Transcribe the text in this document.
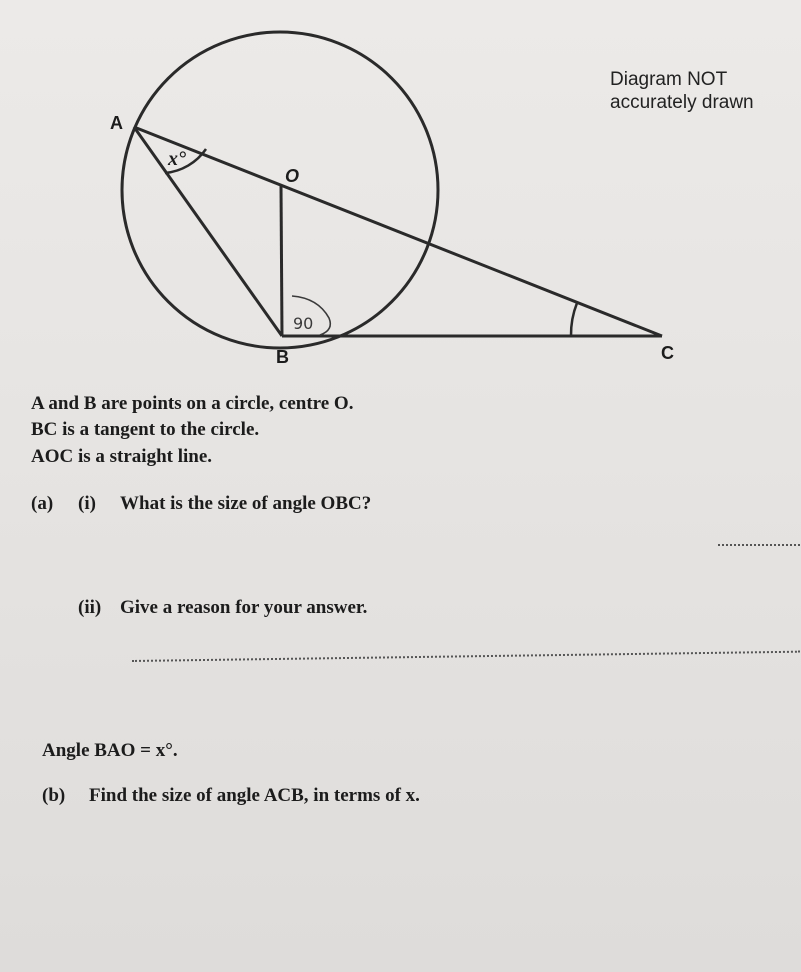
A
O
B	C
x°
90
Diagram NOT
accurately drawn
A and B are points on a circle, centre O.
BC is a tangent to the circle.
AOC is a straight line.
(a) (i) What is the size of angle OBC?
(ii) Give a reason for your answer.
Angle BAO = x°.
(b) Find the size of angle ACB, in terms of x.
